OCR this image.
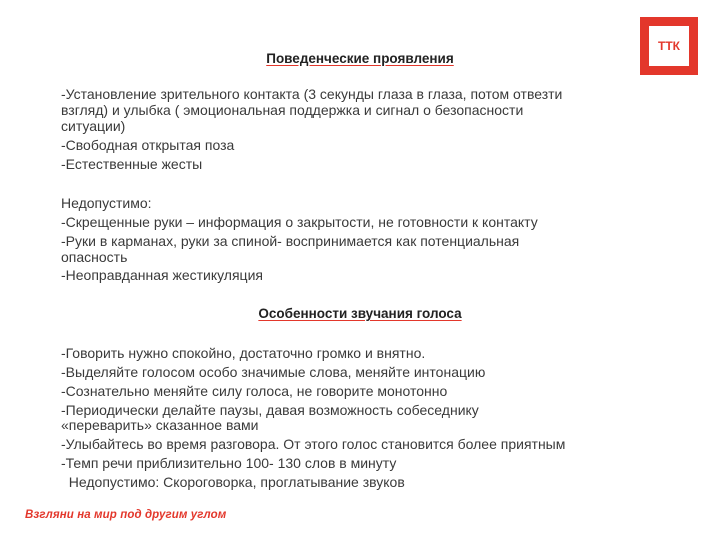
ТТК
Поведенческие проявления
-Установление зрительного контакта (3 секунды глаза в глаза, потом отвезти
взгляд) и улыбка ( эмоциональная поддержка и сигнал о безопасности
ситуации)
-Свободная открытая поза
-Естественные жесты
Недопустимо:
-Скрещенные руки – информация о закрытости, не готовности к контакту
-Руки в карманах, руки за спиной- воспринимается как потенциальная
опасность
-Неоправданная жестикуляция
Особенности звучания голоса
-Говорить нужно спокойно, достаточно громко и внятно.
-Выделяйте голосом особо значимые слова, меняйте интонацию
-Сознательно меняйте силу голоса, не говорите монотонно
-Периодически делайте паузы, давая возможность собеседнику
«переварить» сказанное вами
-Улыбайтесь во время разговора. От этого голос становится более приятным
-Темп речи приблизительно 100- 130 слов в минуту
Недопустимо: Скороговорка, проглатывание звуков
Взгляни на мир под другим углом
